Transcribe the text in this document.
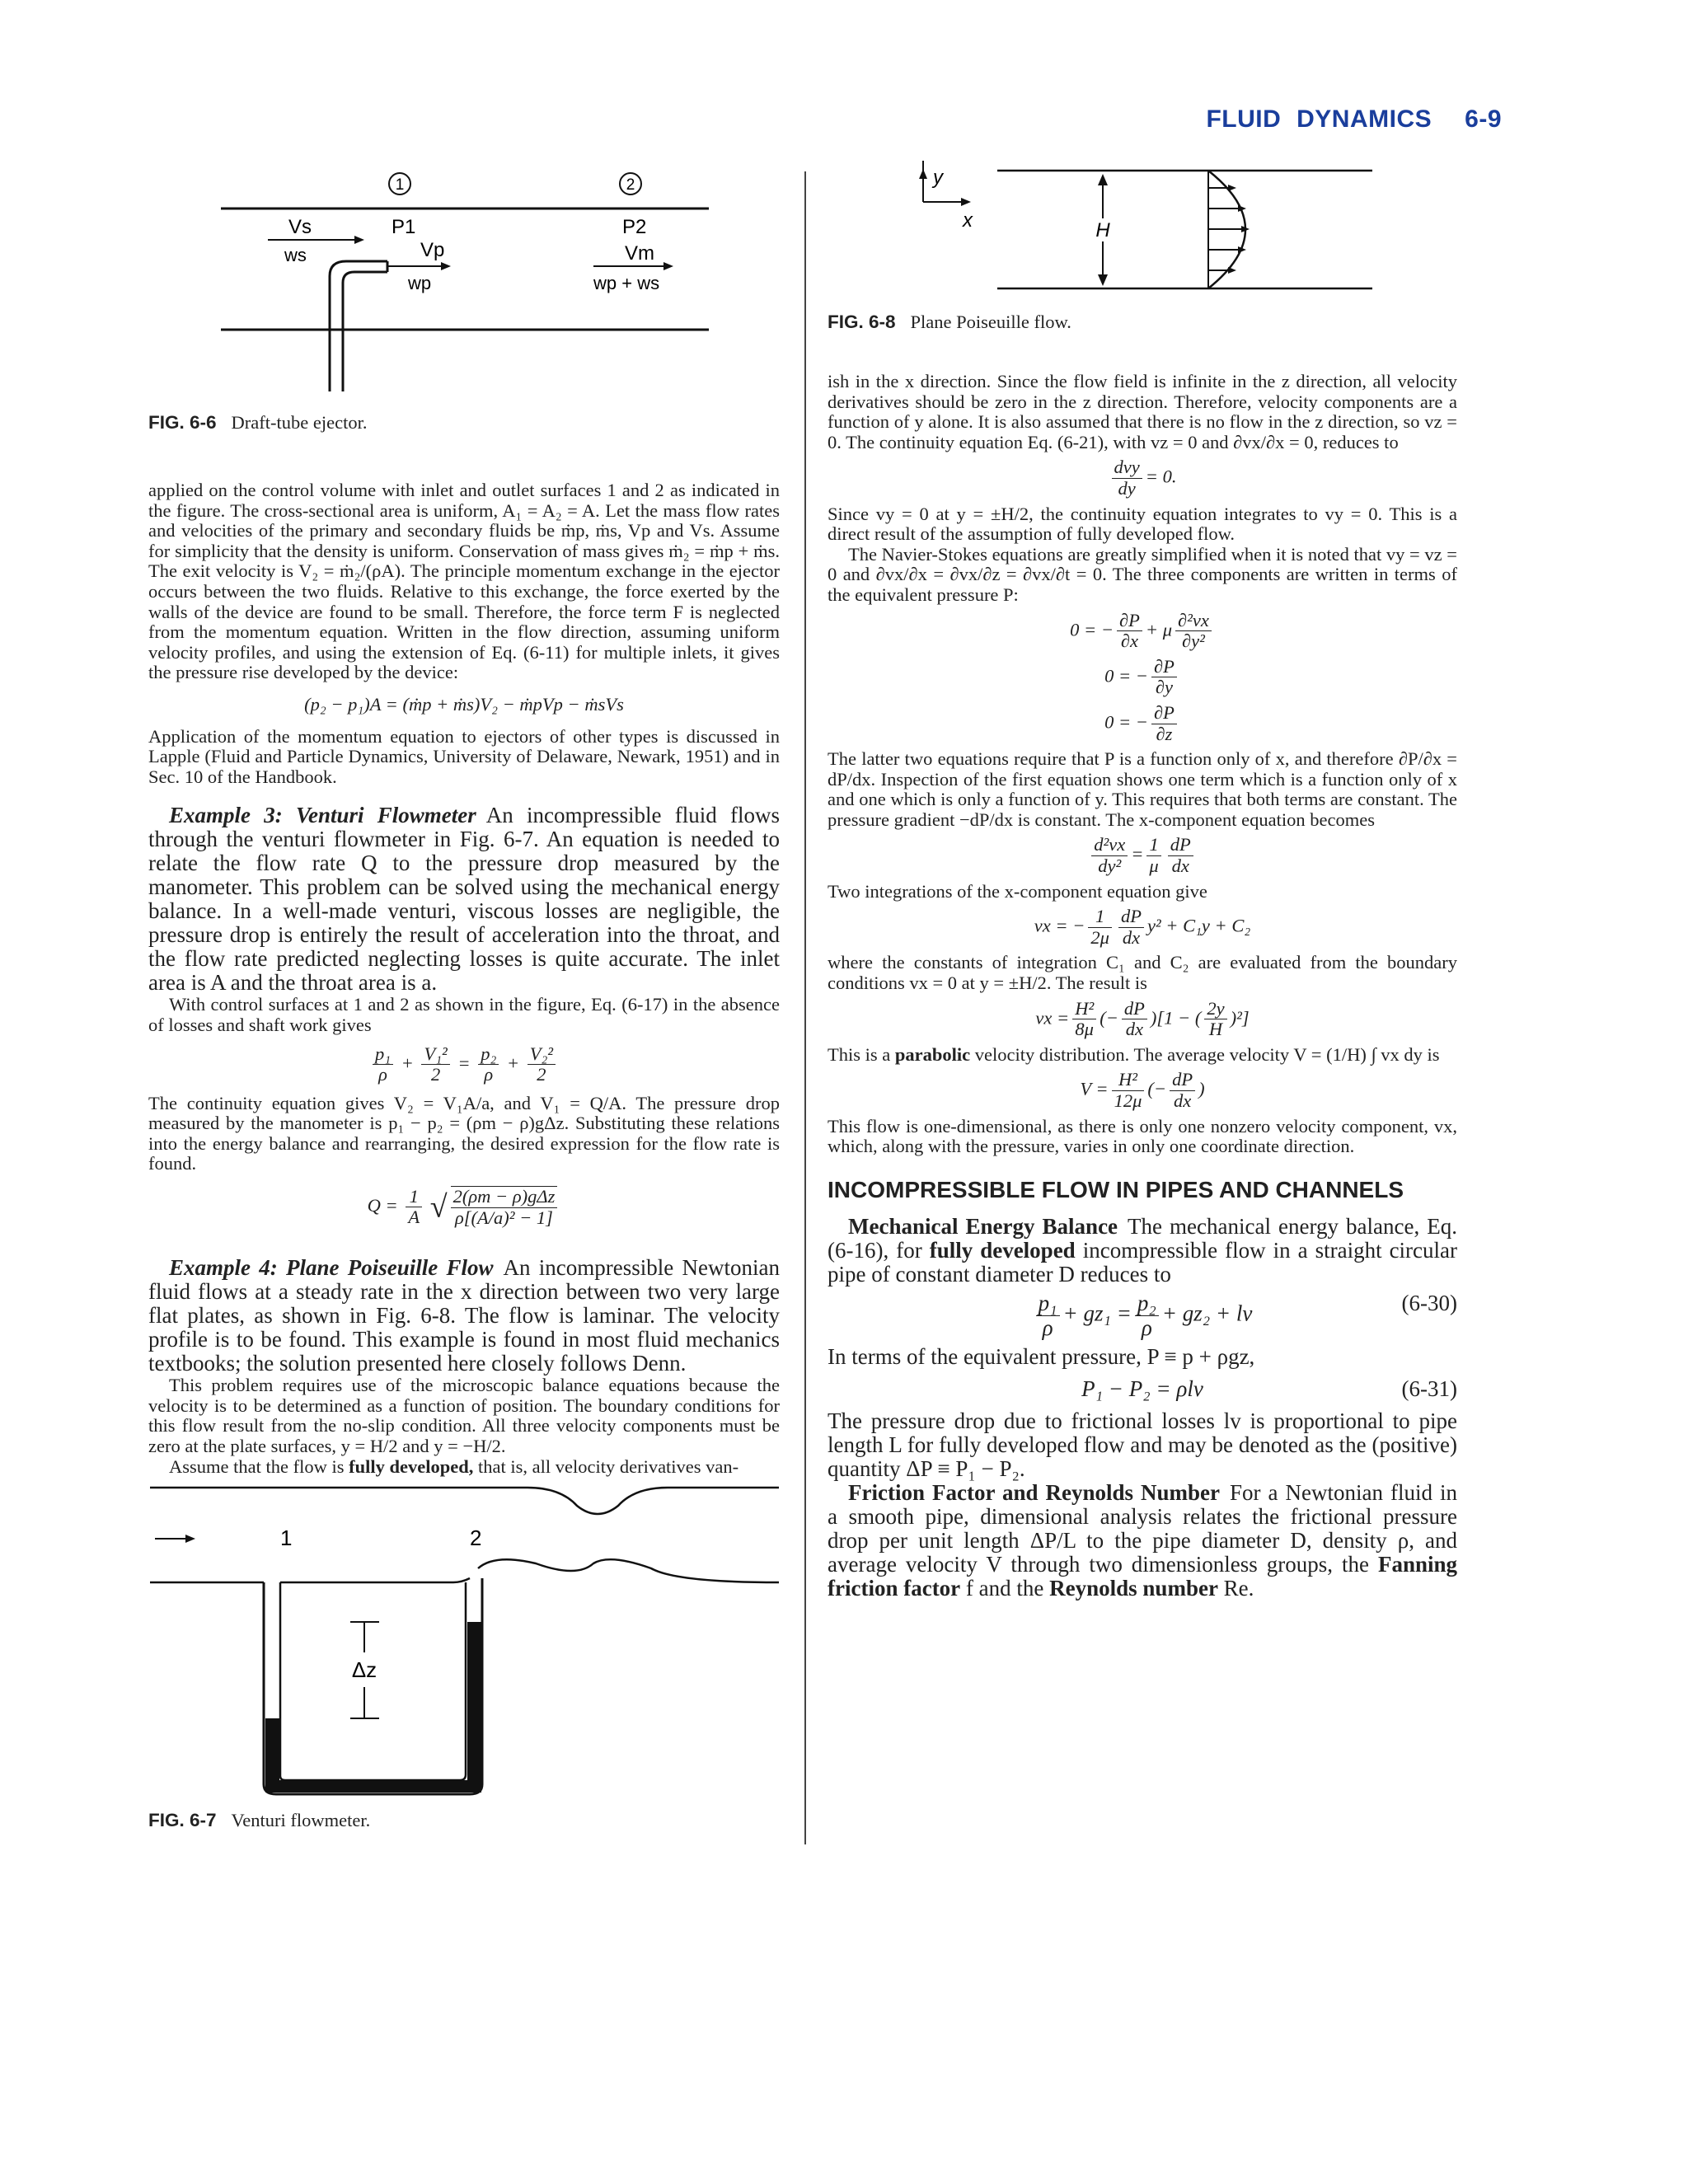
FLUID DYNAMICS 6-9
1	2
Vs
ws
P1
Vp
wp
P2
Vm
wp + ws
FIG. 6-6 Draft-tube ejector.
y
x	H
FIG. 6-8 Plane Poiseuille flow.

applied on the control volume with inlet and outlet surfaces 1 and 2 as indicated in the figure. The cross-sectional area is uniform, A₁ = A₂ = A. Let the mass flow rates and velocities of the primary and secondary fluids be ṁp, ṁs, Vp and Vs. Assume for simplicity that the density is uniform. Conservation of mass gives ṁ₂ = ṁp + ṁs. The exit velocity is V₂ = ṁ₂/(ρA). The principle momentum exchange in the ejector occurs between the two fluids. Relative to this exchange, the force exerted by the walls of the device are found to be small. Therefore, the force term F is neglected from the momentum equation. Written in the flow direction, assuming uniform velocity profiles, and using the extension of Eq. (6-11) for multiple inlets, it gives the pressure rise developed by the device:

(p₂ − p₁)A = (ṁp + ṁs)V₂ − ṁpVp − ṁsVs

Application of the momentum equation to ejectors of other types is discussed in Lapple (Fluid and Particle Dynamics, University of Delaware, Newark, 1951) and in Sec. 10 of the Handbook.

Example 3: Venturi Flowmeter An incompressible fluid flows through the venturi flowmeter in Fig. 6-7. An equation is needed to relate the flow rate Q to the pressure drop measured by the manometer. This problem can be solved using the mechanical energy balance. In a well-made venturi, viscous losses are negligible, the pressure drop is entirely the result of acceleration into the throat, and the flow rate predicted neglecting losses is quite accurate. The inlet area is A and the throat area is a.

With control surfaces at 1 and 2 as shown in the figure, Eq. (6-17) in the absence of losses and shaft work gives

$\frac{\text{p₁}}{\rho} + \frac{\text{V₁²}}{2} = \frac{\text{p₂}}{\rho} + \frac{\text{V₂²}}{2}$

The continuity equation gives V₂ = V₁A/a, and V₁ = Q/A. The pressure drop measured by the manometer is p₁ − p₂ = (ρm − ρ)gΔz. Substituting these relations into the energy balance and rearranging, the desired expression for the flow rate is found.

$Q = \frac{1}{A}$ √ $\frac{\text{2(ρm − ρ)gΔz}}{\text{ρ[(A/a)² − 1]}}$

Example 4: Plane Poiseuille Flow An incompressible Newtonian fluid flows at a steady rate in the x direction between two very large flat plates, as shown in Fig. 6-8. The flow is laminar. The velocity profile is to be found. This example is found in most fluid mechanics textbooks; the solution presented here closely follows Denn.

This problem requires use of the microscopic balance equations because the velocity is to be determined as a function of position. The boundary conditions for this flow result from the no-slip condition. All three velocity components must be zero at the plate surfaces, y = H/2 and y = −H/2.

Assume that the flow is fully developed, that is, all velocity derivatives van-

1	2
Δz
FIG. 6-7 Venturi flowmeter.

ish in the x direction. Since the flow field is infinite in the z direction, all velocity derivatives should be zero in the z direction. Therefore, velocity components are a function of y alone. It is also assumed that there is no flow in the z direction, so vz = 0. The continuity equation Eq. (6-21), with vz = 0 and ∂vx/∂x = 0, reduces to

$\frac{\text{dvy}}{dy} = 0$.

Since vy = 0 at y = ±H/2, the continuity equation integrates to vy = 0. This is a direct result of the assumption of fully developed flow.

The Navier-Stokes equations are greatly simplified when it is noted that vy = vz = 0 and ∂vx/∂x = ∂vx/∂z = ∂vx/∂t = 0. The three components are written in terms of the equivalent pressure P:

0 = − $\frac{\partial P}{\partial x} + \mu \frac{\text{∂²vx}}{\text{∂y²}}$
0 = − $\frac{\partial P}{\partial y}$
0 = − $\frac{\partial P}{\partial z}$

The latter two equations require that P is a function only of x, and therefore ∂P/∂x = dP/dx. Inspection of the first equation shows one term which is a function only of x and one which is only a function of y. This requires that both terms are constant. The pressure gradient −dP/dx is constant. The x-component equation becomes

$\frac{\text{d²vx}}{\text{dy²}} = \frac{1}{\mu} \frac{dP}{dx}$

Two integrations of the x-component equation give

vx = − $\frac{1}{2\mu} \frac{dP}{dx} y^2 + C_1y + C_2$

where the constants of integration C₁ and C₂ are evaluated from the boundary conditions vx = 0 at y = ±H/2. The result is

vx = $\frac{\text{H²}}{8\mu}$ (− $\frac{dP}{dx} )[1$ − ( $\frac{2y}{H} )^2$]

This is a parabolic velocity distribution. The average velocity V = (1/H) ∫ vx dy is

$V = \frac{\text{H²}}{12\mu}$ (− $\frac{dP}{dx}$ )

This flow is one-dimensional, as there is only one nonzero velocity component, vx, which, along with the pressure, varies in only one coordinate direction.

INCOMPRESSIBLE FLOW IN PIPES AND CHANNELS

Mechanical Energy Balance The mechanical energy balance, Eq. (6-16), for fully developed incompressible flow in a straight circular pipe of constant diameter D reduces to

$\frac{\text{p₁}}{\rho} + gz_1 = \frac{\text{p₂}}{\rho} + gz_2$ + lv	(6-30)

In terms of the equivalent pressure, P ≡ p + ρgz,

P₁ − P₂ = ρlv	(6-31)

The pressure drop due to frictional losses lv is proportional to pipe length L for fully developed flow and may be denoted as the (positive) quantity ΔP ≡ P₁ − P₂.

Friction Factor and Reynolds Number For a Newtonian fluid in a smooth pipe, dimensional analysis relates the frictional pressure drop per unit length ΔP/L to the pipe diameter D, density ρ, and average velocity V through two dimensionless groups, the Fanning friction factor f and the Reynolds number Re.
